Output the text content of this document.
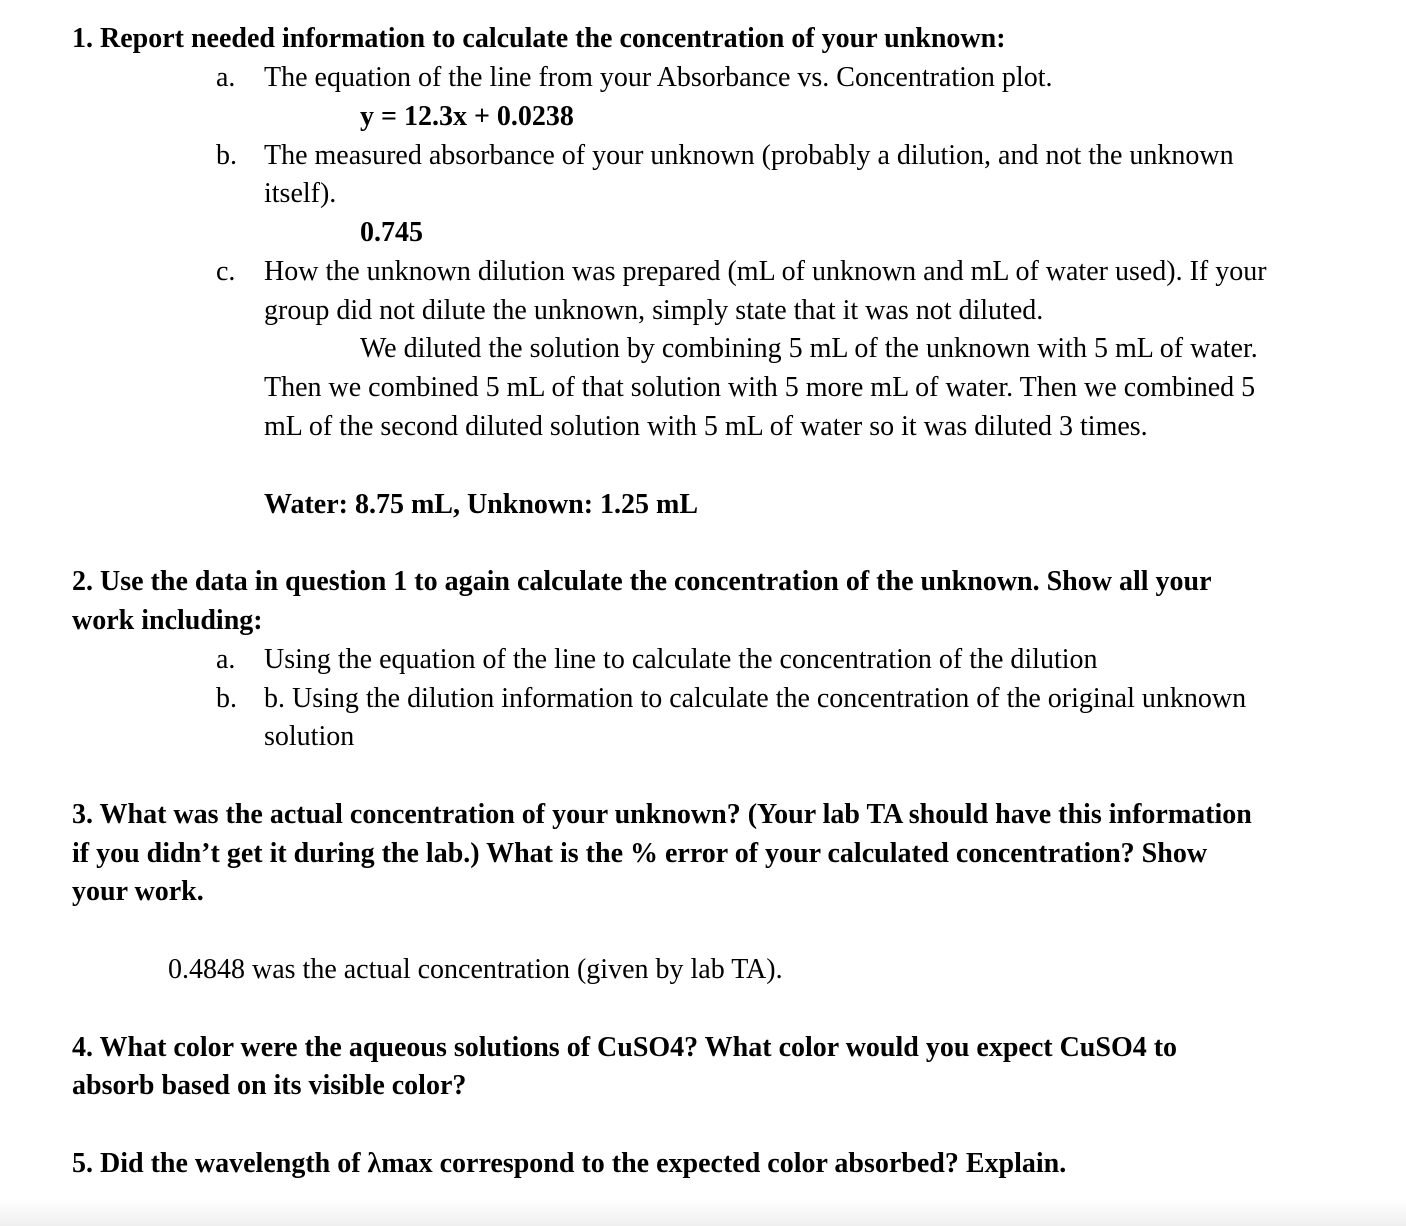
1. Report needed information to calculate the concentration of your unknown:
a. The equation of the line from your Absorbance vs. Concentration plot.
y = 12.3x + 0.0238
b. The measured absorbance of your unknown (probably a dilution, and not the unknown
itself).
0.745
c. How the unknown dilution was prepared (mL of unknown and mL of water used). If your
group did not dilute the unknown, simply state that it was not diluted.
We diluted the solution by combining 5 mL of the unknown with 5 mL of water.
Then we combined 5 mL of that solution with 5 more mL of water. Then we combined 5
mL of the second diluted solution with 5 mL of water so it was diluted 3 times.
Water: 8.75 mL, Unknown: 1.25 mL
2. Use the data in question 1 to again calculate the concentration of the unknown. Show all your
work including:
a. Using the equation of the line to calculate the concentration of the dilution
b. b. Using the dilution information to calculate the concentration of the original unknown
solution
3. What was the actual concentration of your unknown? (Your lab TA should have this information
if you didn’t get it during the lab.) What is the % error of your calculated concentration? Show
your work.
0.4848 was the actual concentration (given by lab TA).
4. What color were the aqueous solutions of CuSO4? What color would you expect CuSO4 to
absorb based on its visible color?
5. Did the wavelength of λmax correspond to the expected color absorbed? Explain.
